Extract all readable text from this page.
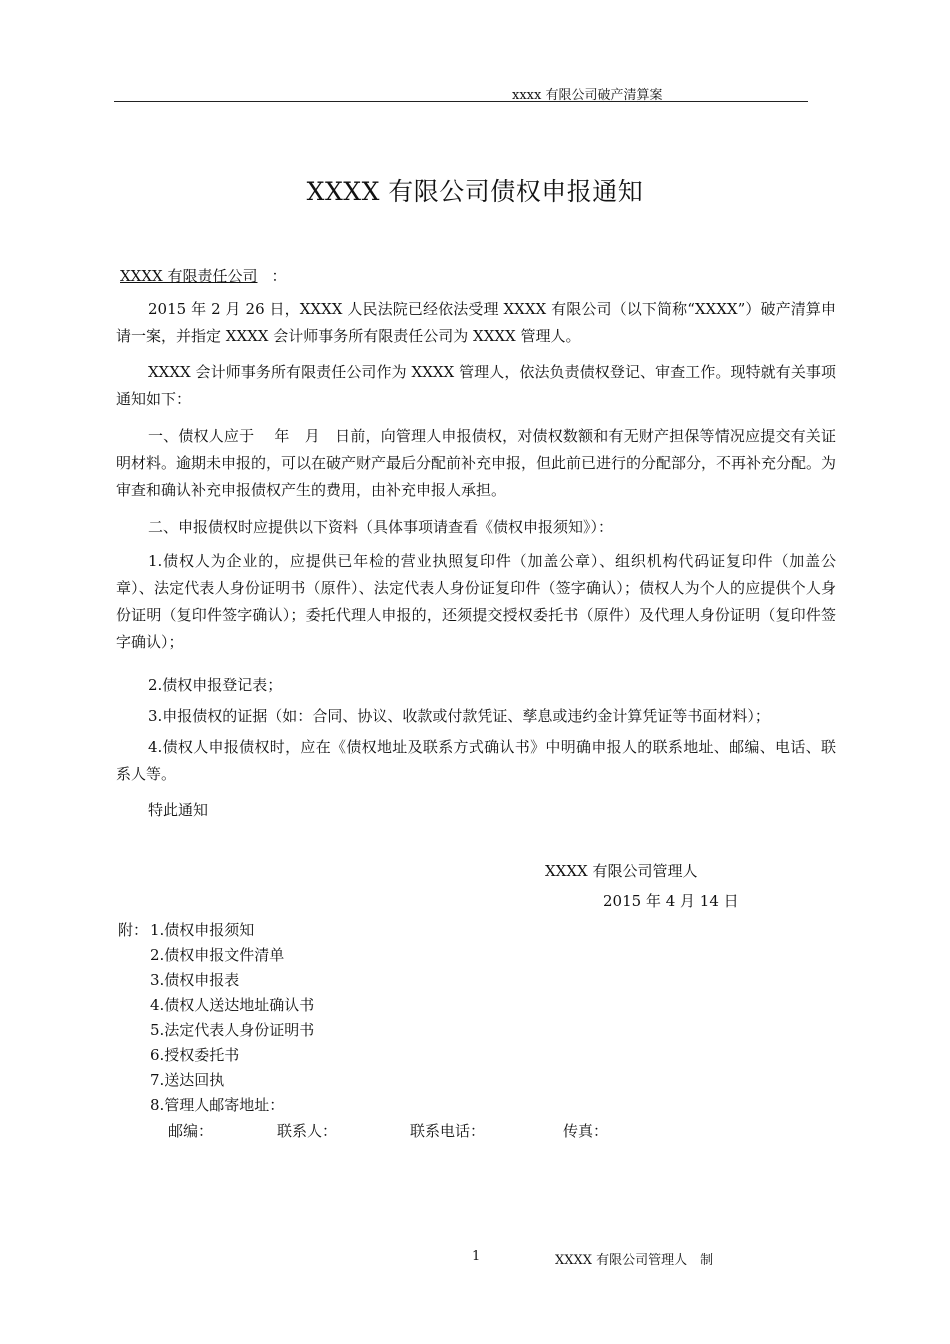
xxxx 有限公司破产清算案
XXXX 有限公司债权申报通知
XXXX 有限责任公司 ：
2015 年 2 月 26 日，XXXX 人民法院已经依法受理 XXXX 有限公司（以下简称“XXXX”）破产清算申请一案，并指定 XXXX 会计师事务所有限责任公司为 XXXX 管理人。
XXXX 会计师事务所有限责任公司作为 XXXX 管理人，依法负责债权登记、审查工作。现特就有关事项通知如下：
一、债权人应于　 年　月　日前，向管理人申报债权，对债权数额和有无财产担保等情况应提交有关证明材料。逾期未申报的，可以在破产财产最后分配前补充申报，但此前已进行的分配部分，不再补充分配。为审查和确认补充申报债权产生的费用，由补充申报人承担。
二、申报债权时应提供以下资料（具体事项请查看《债权申报须知》）：
1.债权人为企业的，应提供已年检的营业执照复印件（加盖公章）、组织机构代码证复印件（加盖公章）、法定代表人身份证明书（原件）、法定代表人身份证复印件（签字确认）；债权人为个人的应提供个人身份证明（复印件签字确认）；委托代理人申报的，还须提交授权委托书（原件）及代理人身份证明（复印件签字确认）；
2.债权申报登记表；
3.申报债权的证据（如：合同、协议、收款或付款凭证、孳息或违约金计算凭证等书面材料）；
4.债权人申报债权时，应在《债权地址及联系方式确认书》中明确申报人的联系地址、邮编、电话、联系人等。
特此通知
XXXX 有限公司管理人
2015 年 4 月 14 日
附： 1.债权申报须知
2.债权申报文件清单
3.债权申报表
4.债权人送达地址确认书
5.法定代表人身份证明书
6.授权委托书
7.送达回执
8.管理人邮寄地址：
邮编：	联系人：	联系电话：	传真：
1	XXXX 有限公司管理人　制
